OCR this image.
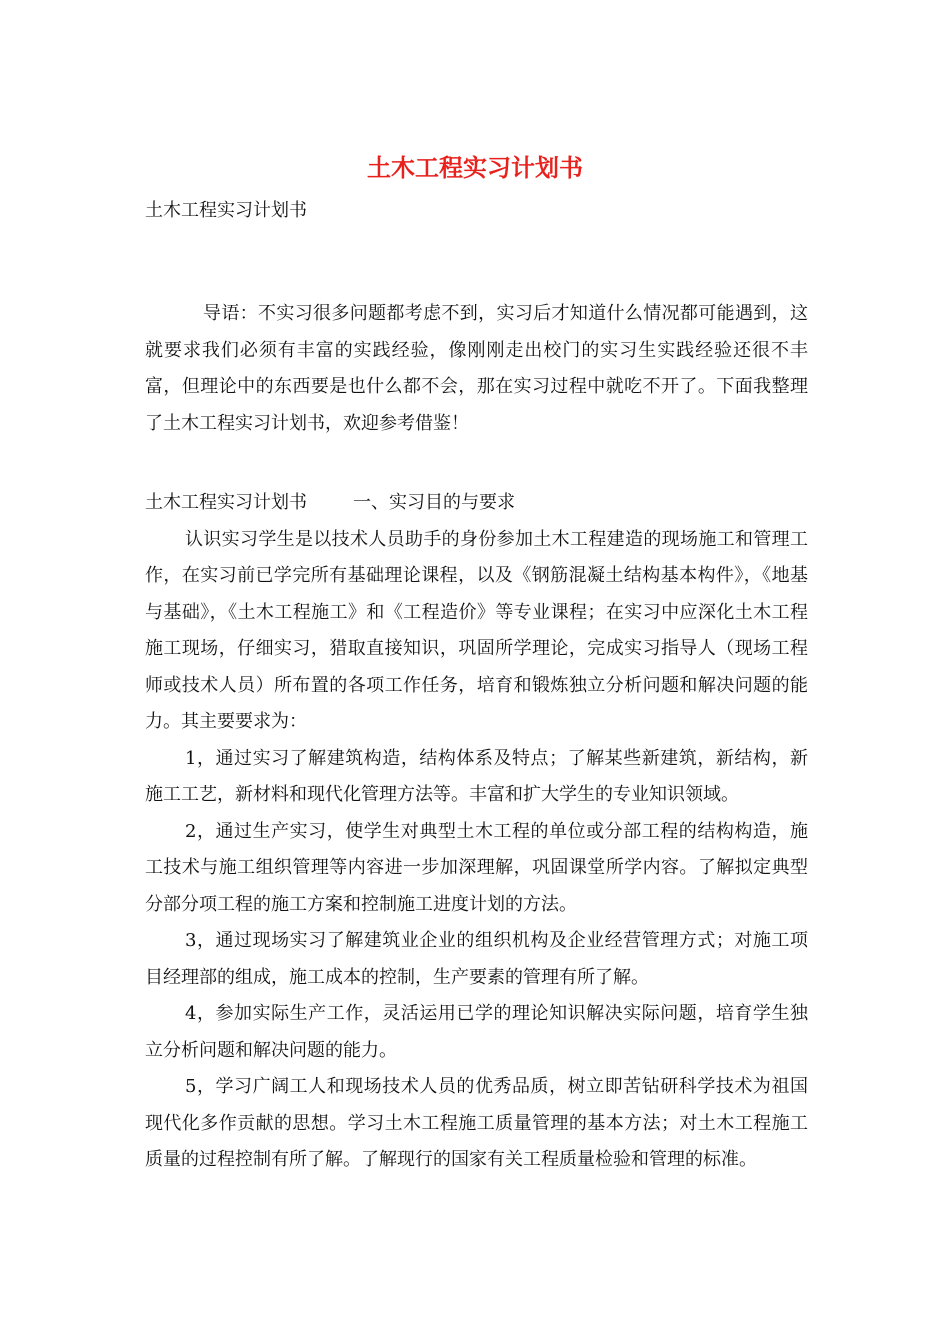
土木工程实习计划书

土木工程实习计划书

导语：不实习很多问题都考虑不到，实习后才知道什么情况都可能遇到，这就要求我们必须有丰富的实践经验，像刚刚走出校门的实习生实践经验还很不丰富，但理论中的东西要是也什么都不会，那在实习过程中就吃不开了。下面我整理了土木工程实习计划书，欢迎参考借鉴！

土木工程实习计划书	一、实习目的与要求

认识实习学生是以技术人员助手的身份参加土木工程建造的现场施工和管理工作，在实习前已学完所有基础理论课程，以及《钢筋混凝土结构基本构件》，《地基与基础》，《土木工程施工》和《工程造价》等专业课程；在实习中应深化土木工程施工现场，仔细实习，猎取直接知识，巩固所学理论，完成实习指导人（现场工程师或技术人员）所布置的各项工作任务，培育和锻炼独立分析问题和解决问题的能力。其主要要求为：

1，通过实习了解建筑构造，结构体系及特点；了解某些新建筑，新结构，新施工工艺，新材料和现代化管理方法等。丰富和扩大学生的专业知识领域。

2，通过生产实习，使学生对典型土木工程的单位或分部工程的结构构造，施工技术与施工组织管理等内容进一步加深理解，巩固课堂所学内容。了解拟定典型分部分项工程的施工方案和控制施工进度计划的方法。

3，通过现场实习了解建筑业企业的组织机构及企业经营管理方式；对施工项目经理部的组成，施工成本的控制，生产要素的管理有所了解。

4，参加实际生产工作，灵活运用已学的理论知识解决实际问题，培育学生独立分析问题和解决问题的能力。

5，学习广阔工人和现场技术人员的优秀品质，树立即苦钻研科学技术为祖国现代化多作贡献的思想。学习土木工程施工质量管理的基本方法；对土木工程施工质量的过程控制有所了解。了解现行的国家有关工程质量检验和管理的标准。
